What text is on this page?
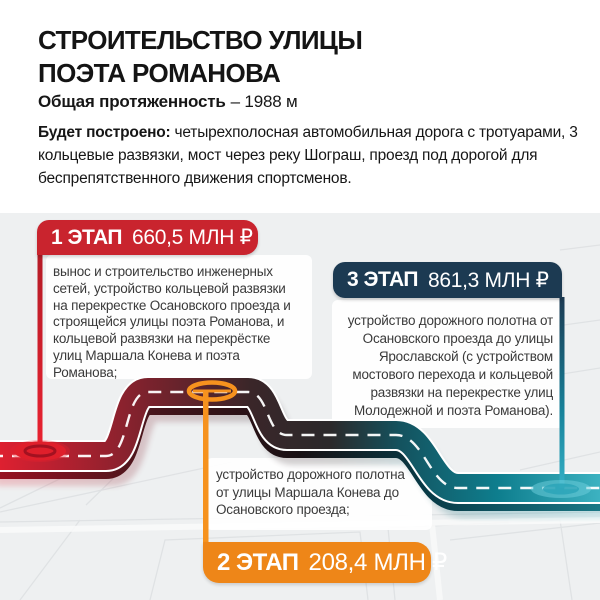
СТРОИТЕЛЬСТВО УЛИЦЫ
ПОЭТА РОМАНОВА
Общая протяженность – 1988 м
Будет построено: четырехполосная автомобильная дорога с тротуарами, 3 кольцевые развязки, мост через реку Шограш, проезд под дорогой для беспрепятственного движения спортсменов.
1 ЭТАП 660,5 МЛН ₽
3 ЭТАП 861,3 МЛН ₽
2 ЭТАП 208,4 МЛН ₽
вынос и строительство инженерных сетей, устройство кольцевой развязки на перекрестке Осановского проезда и строящейся улицы поэта Романова, и кольцевой развязки на перекрёстке улиц Маршала Конева и поэта Романова;
устройство дорожного полотна от улицы Маршала Конева до Осановского проезда;
устройство дорожного полотна от Осановского проезда до улицы Ярославской (с устройством мостового перехода и кольцевой развязки на перекрестке улиц Молодежной и поэта Романова).
